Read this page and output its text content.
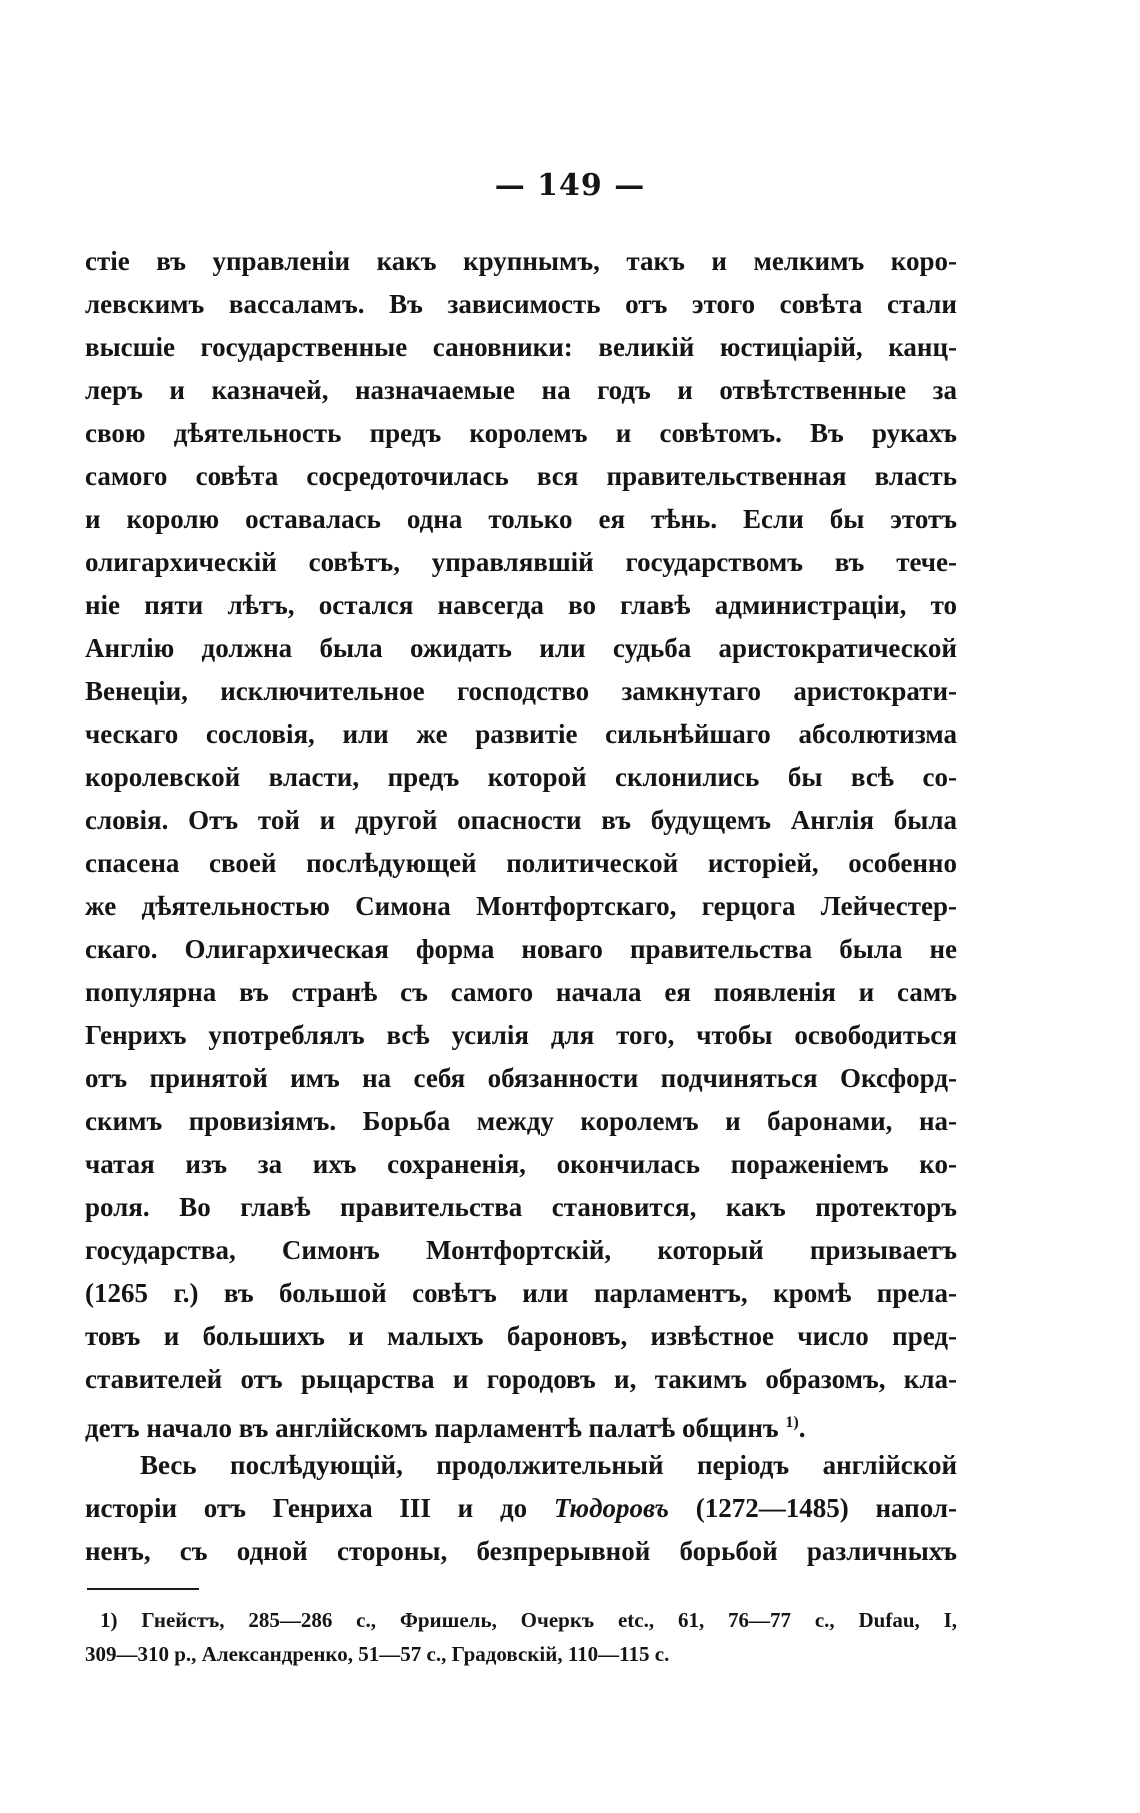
— 149 —
стіе въ управленіи какъ крупнымъ, такъ и мелкимъ коро-
левскимъ вассаламъ. Въ зависимость отъ этого совѣта стали
высшіе государственные сановники: великій юстиціарій, канц-
леръ и казначей, назначаемые на годъ и отвѣтственные за
свою дѣятельность предъ королемъ и совѣтомъ. Въ рукахъ
самого совѣта сосредоточилась вся правительственная власть
и королю оставалась одна только ея тѣнь. Если бы этотъ
олигархическій совѣтъ, управлявшій государствомъ въ тече-
ніе пяти лѣтъ, остался навсегда во главѣ администраціи, то
Англію должна была ожидать или судьба аристократической
Венеціи, исключительное господство замкнутаго аристократи-
ческаго сословія, или же развитіе сильнѣйшаго абсолютизма
королевской власти, предъ которой склонились бы всѣ со-
словія. Отъ той и другой опасности въ будущемъ Англія была
спасена своей послѣдующей политической исторіей, особенно
же дѣятельностью Симона Монтфортскаго, герцога Лейчестер-
скаго. Олигархическая форма новаго правительства была не
популярна въ странѣ съ самого начала ея появленія и самъ
Генрихъ употреблялъ всѣ усилія для того, чтобы освободиться
отъ принятой имъ на себя обязанности подчиняться Оксфорд-
скимъ провизіямъ. Борьба между королемъ и баронами, на-
чатая изъ за ихъ сохраненія, окончилась пораженіемъ ко-
роля. Во главѣ правительства становится, какъ протекторъ
государства, Симонъ Монтфортскій, который призываетъ
(1265 г.) въ большой совѣтъ или парламентъ, кромѣ прела-
товъ и большихъ и малыхъ бароновъ, извѣстное число пред-
ставителей отъ рыцарства и городовъ и, такимъ образомъ, кла-
детъ начало въ англійскомъ парламентѣ палатѣ общинъ $^{1)}$.
Весь послѣдующій, продолжительный періодъ англійской
исторіи отъ Генриха III и до Тюдоровъ (1272—1485) напол-
ненъ, съ одной стороны, безпрерывной борьбой различныхъ
1) Гнейстъ, 285—286 с., Фришель, Очеркъ etc., 61, 76—77 с., Dufau, I,
309—310 р., Александренко, 51—57 с., Градовскій, 110—115 с.
